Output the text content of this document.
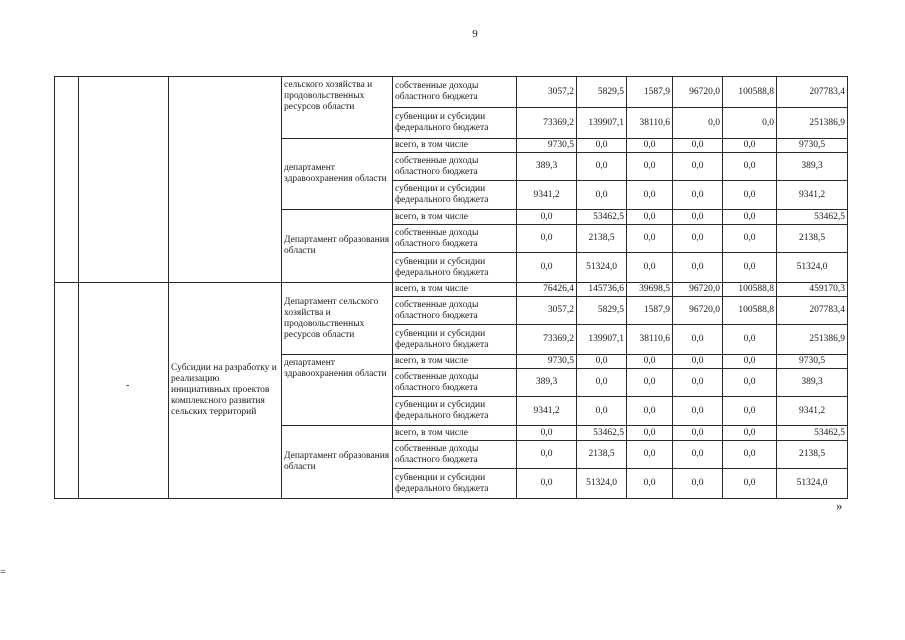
9
			сельского хозяйства и продовольственных ресурсов области	собственные доходы областного бюджета	3057,2	5829,5	1587,9	96720,0	100588,8	207783,4
				субвенции и субсидии федерального бюджета	73369,2	139907,1	38110,6	0,0	0,0	251386,9
			департамент здравоохранения области	всего, в том числе	9730,5	0,0	0,0	0,0	0,0	9730,5
				собственные доходы областного бюджета	389,3	0,0	0,0	0,0	0,0	389,3
				субвенции и субсидии федерального бюджета	9341,2	0,0	0,0	0,0	0,0	9341,2
			Департамент образования области	всего, в том числе	0,0	53462,5	0,0	0,0	0,0	53462,5
				собственные доходы областного бюджета	0,0	2138,5	0,0	0,0	0,0	2138,5
				субвенции и субсидии федерального бюджета	0,0	51324,0	0,0	0,0	0,0	51324,0
		Субсидии на разработку и реализацию инициативных проектов комплексного развития сельских территорий	Департамент сельского хозяйства и продовольственных ресурсов области	всего, в том числе	76426,4	145736,6	39698,5	96720,0	100588,8	459170,3
				собственные доходы областного бюджета	3057,2	5829,5	1587,9	96720,0	100588,8	207783,4
				субвенции и субсидии федерального бюджета	73369,2	139907,1	38110,6	0,0	0,0	251386,9
			департамент здравоохранения области	всего, в том числе	9730,5	0,0	0,0	0,0	0,0	9730,5
				собственные доходы областного бюджета	389,3	0,0	0,0	0,0	0,0	389,3
				субвенции и субсидии федерального бюджета	9341,2	0,0	0,0	0,0	0,0	9341,2
			Департамент образования области	всего, в том числе	0,0	53462,5	0,0	0,0	0,0	53462,5
				собственные доходы областного бюджета	0,0	2138,5	0,0	0,0	0,0	2138,5
				субвенции и субсидии федерального бюджета	0,0	51324,0	0,0	0,0	0,0	51324,0
-
»
=
